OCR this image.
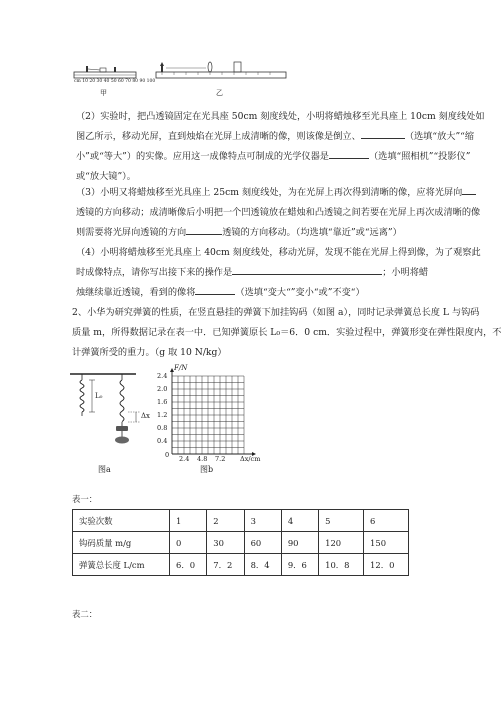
cm 10 20 30 40 50 60 70 80 90 100
甲	乙
（2）实验时，把凸透镜固定在光具座 50cm 刻度线处，小明将蜡烛移至光具座上 10cm 刻度线处如
图乙所示，移动光屏，直到烛焰在光屏上成清晰的像，则该像是倒立、	（选填“放大”“缩
小”或“等大”）的实像。应用这一成像特点可制成的光学仪器是	（选填“照相机”“投影仪”
或“放大镜”）。
（3）小明又将蜡烛移至光具座上 25cm 刻度线处，为在光屏上再次得到清晰的像，应将光屏向
透镜的方向移动；成清晰像后小明把一个凹透镜放在蜡烛和凸透镜之间若要在光屏上再次成清晰的像
则需要将光屏向透镜的方向	透镜的方向移动。（均选填“靠近”或“远离”）
（4）小明将蜡烛移至光具座上 40cm 刻度线处，移动光屏，发现不能在光屏上得到像，为了观察此
时成像特点，请你写出接下来的操作是	；小明将蜡
烛继续靠近透镜，看到的像将	（选填“变大“”变小“或”不变“）
2、小华为研究弹簧的性质，在竖直悬挂的弹簧下加挂钩码（如图 a），同时记录弹簧总长度 L 与钩码
质量 m，所得数据记录在表一中．已知弹簧原长 L₀＝6．0 cm．实验过程中，弹簧形变在弹性限度内，不
计弹簧所受的重力。（g 取 10 N/kg）
L₀
Δx
图a
F/N
2.4
2.0
1.6
1.2
0.8
0.4
0 2.4 4.8 7.2 Δx/cm
图b
表一：
实验次数	1	2	3	4	5	6
钩码质量 m/g	0	30	60	90	120	150
弹簧总长度 L/cm	6．0	7．2	8．4	9．6	10．8	12．0
表二：
